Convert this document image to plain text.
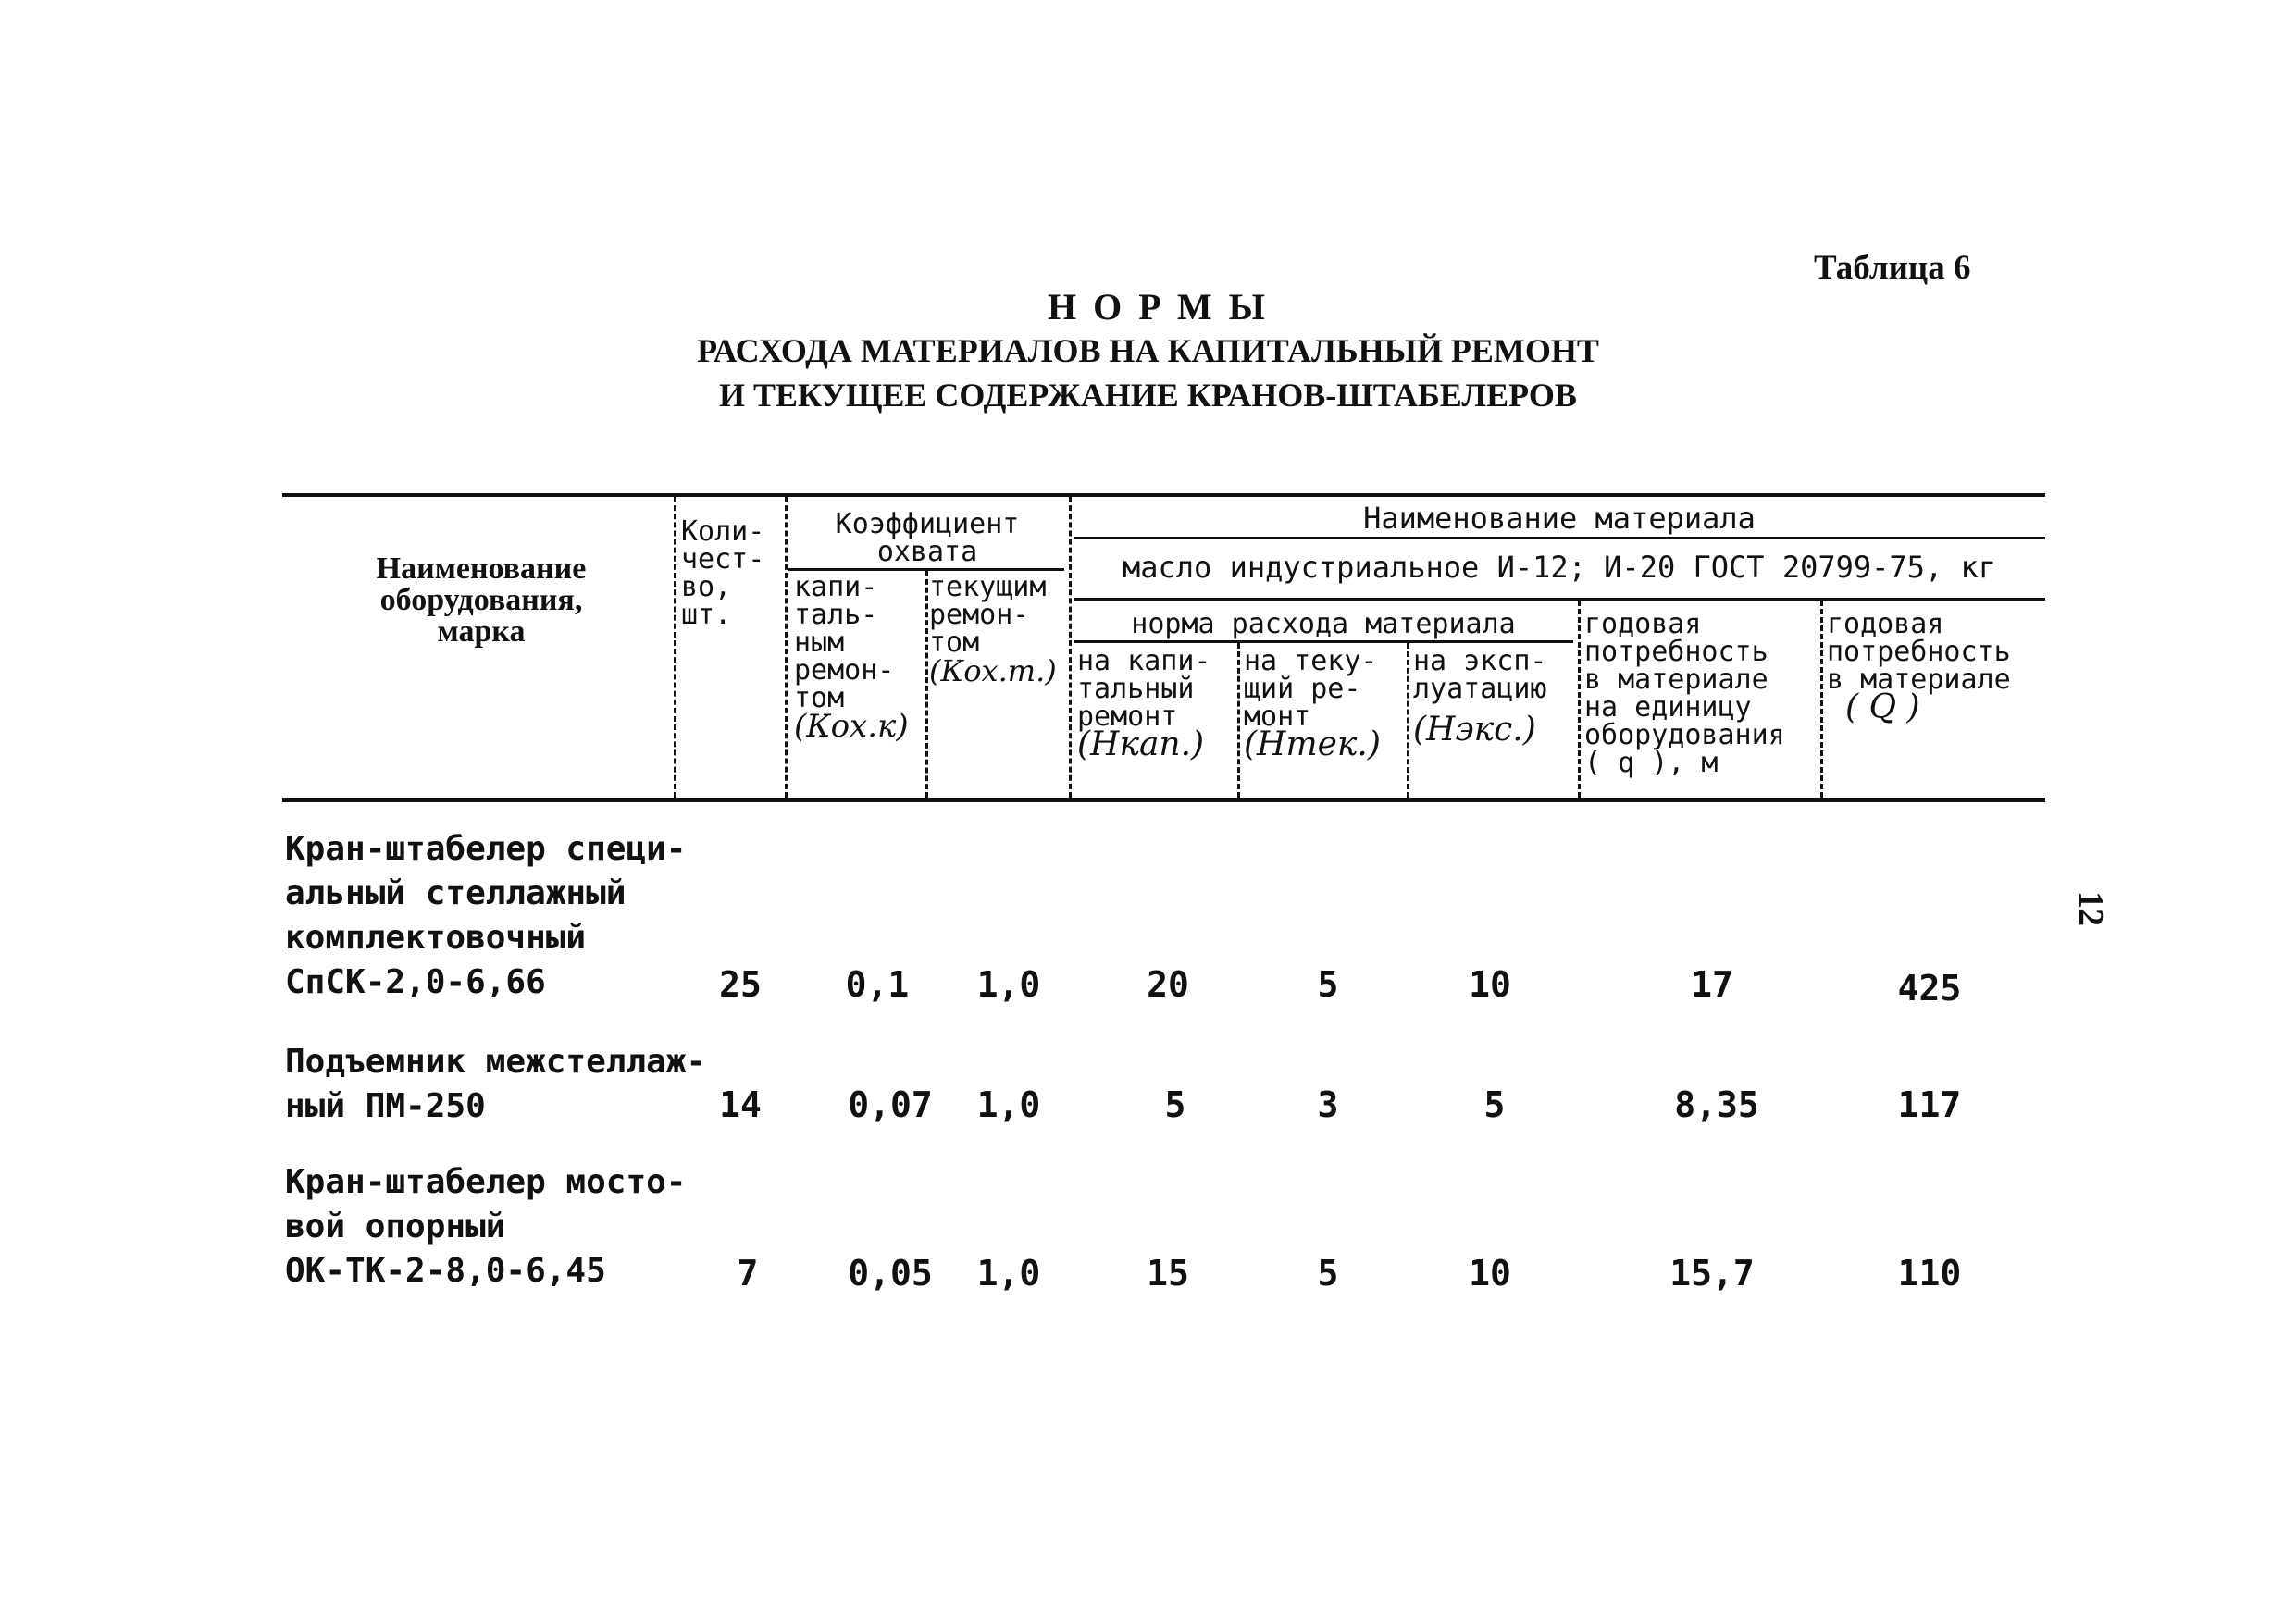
Таблица 6
НОРМЫ
РАСХОДА МАТЕРИАЛОВ НА КАПИТАЛЬНЫЙ РЕМОНТ
И ТЕКУЩЕЕ СОДЕРЖАНИЕ КРАНОВ-ШТАБЕЛЕРОВ
Наименование
оборудования,
марка
Коли-
чест-
во,
шт.
Коэффициент
охвата
капи-
таль-
ным
ремон-
том
(Кох.к)
текущим
ремон-
том
(Кох.т.)
Наименование материала
масло индустриальное И-12; И-20 ГОСТ 20799-75, кг
норма расхода материала
на капи-
тальный
ремонт
(Нкап.)
на теку-
щий ре-
монт
(Нтек.)
на эксп-
луатацию
(Нэкс.)
годовая
потребность
в материале
на единицу
оборудования
( q ), м
годовая
потребность
в материале
( Q )
Кран-штабелер специ-
альный стеллажный
комплектовочный
СпСК-2,0-6,66	25	0,1	1,0	20	5	10	17	425
Подъемник межстеллаж-
ный ПМ-250	14	0,07	1,0	5	3	5	8,35	117
Кран-штабелер мосто-
вой опорный
ОК-ТК-2-8,0-6,45	7	0,05	1,0	15	5	10	15,7	110
12
